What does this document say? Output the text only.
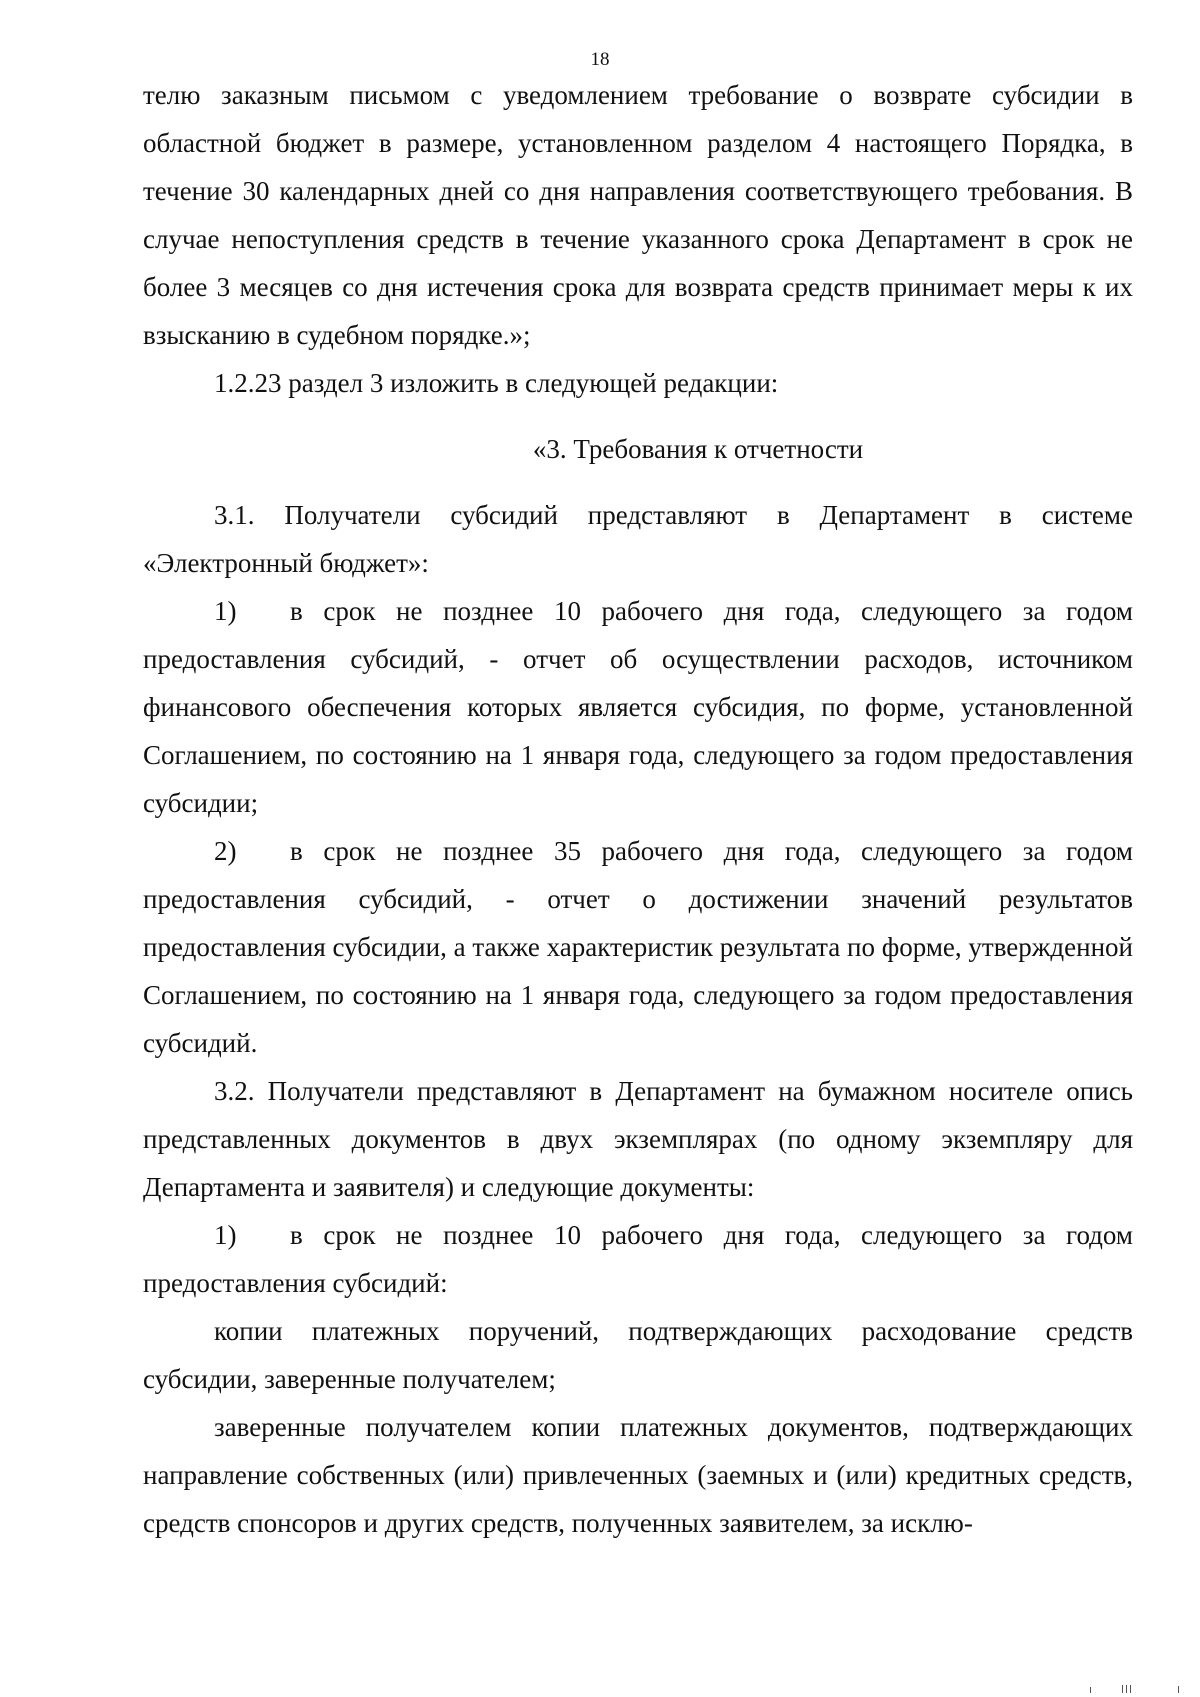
18

телю заказным письмом с уведомлением требование о возврате субсидии в областной бюджет в размере, установленном разделом 4 настоящего Порядка, в течение 30 календарных дней со дня направления соответствующего требования. В случае непоступления средств в течение указанного срока Департамент в срок не более 3 месяцев со дня истечения срока для возврата средств принимает меры к их взысканию в судебном порядке.»;

1.2.23 раздел 3 изложить в следующей редакции:

«3. Требования к отчетности

3.1. Получатели субсидий представляют в Департамент в системе «Электронный бюджет»:

1) в срок не позднее 10 рабочего дня года, следующего за годом предоставления субсидий, - отчет об осуществлении расходов, источником финансового обеспечения которых является субсидия, по форме, установленной Соглашением, по состоянию на 1 января года, следующего за годом предоставления субсидии;

2) в срок не позднее 35 рабочего дня года, следующего за годом предоставления субсидий, - отчет о достижении значений результатов предоставления субсидии, а также характеристик результата по форме, утвержденной Соглашением, по состоянию на 1 января года, следующего за годом предоставления субсидий.

3.2. Получатели представляют в Департамент на бумажном носителе опись представленных документов в двух экземплярах (по одному экземпляру для Департамента и заявителя) и следующие документы:

1) в срок не позднее 10 рабочего дня года, следующего за годом предоставления субсидий:

копии платежных поручений, подтверждающих расходование средств субсидии, заверенные получателем;

заверенные получателем копии платежных документов, подтверждающих направление собственных (или) привлеченных (заемных и (или) кредитных средств, средств спонсоров и других средств, полученных заявителем, за исклю-
